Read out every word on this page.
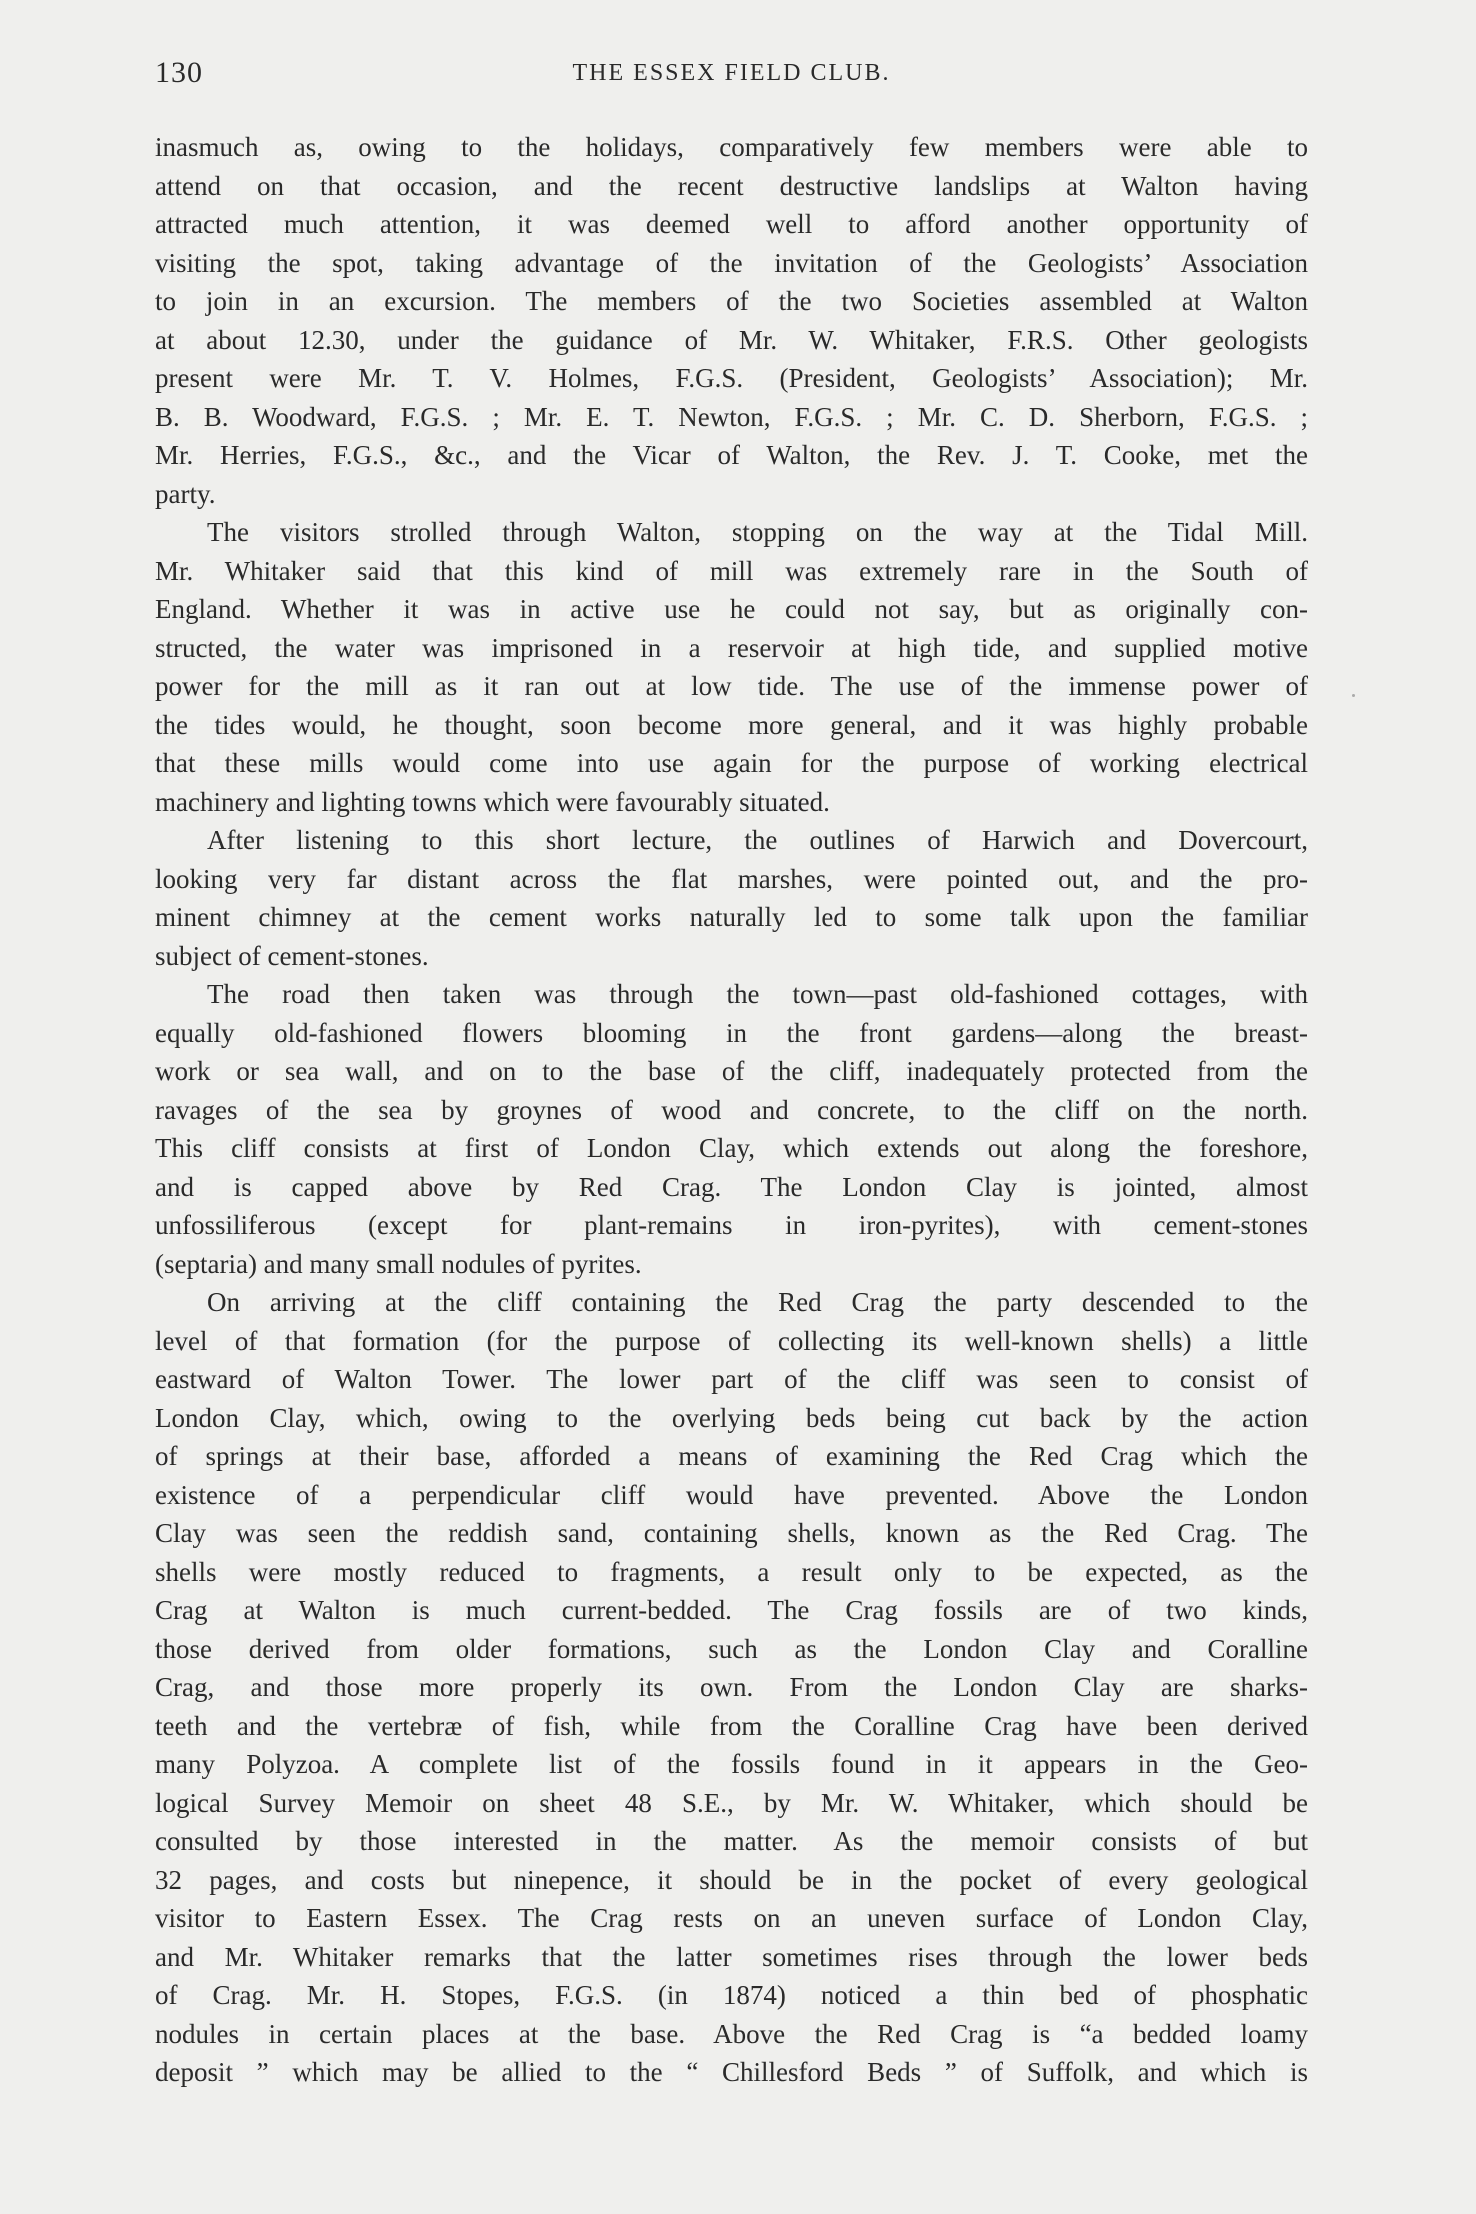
130	THE ESSEX FIELD CLUB.
inasmuch as, owing to the holidays, comparatively few members were able to
attend on that occasion, and the recent destructive landslips at Walton having
attracted much attention, it was deemed well to afford another opportunity of
visiting the spot, taking advantage of the invitation of the Geologists’ Association
to join in an excursion. The members of the two Societies assembled at Walton
at about 12.30, under the guidance of Mr. W. Whitaker, F.R.S. Other geologists
present were Mr. T. V. Holmes, F.G.S. (President, Geologists’ Association); Mr.
B. B. Woodward, F.G.S. ; Mr. E. T. Newton, F.G.S. ; Mr. C. D. Sherborn, F.G.S. ;
Mr. Herries, F.G.S., &c., and the Vicar of Walton, the Rev. J. T. Cooke, met the
party.
The visitors strolled through Walton, stopping on the way at the Tidal Mill.
Mr. Whitaker said that this kind of mill was extremely rare in the South of
England. Whether it was in active use he could not say, but as originally con-
structed, the water was imprisoned in a reservoir at high tide, and supplied motive
power for the mill as it ran out at low tide. The use of the immense power of
the tides would, he thought, soon become more general, and it was highly probable
that these mills would come into use again for the purpose of working electrical
machinery and lighting towns which were favourably situated.
After listening to this short lecture, the outlines of Harwich and Dovercourt,
looking very far distant across the flat marshes, were pointed out, and the pro-
minent chimney at the cement works naturally led to some talk upon the familiar
subject of cement-stones.
The road then taken was through the town—past old-fashioned cottages, with
equally old-fashioned flowers blooming in the front gardens—along the breast-
work or sea wall, and on to the base of the cliff, inadequately protected from the
ravages of the sea by groynes of wood and concrete, to the cliff on the north.
This cliff consists at first of London Clay, which extends out along the foreshore,
and is capped above by Red Crag. The London Clay is jointed, almost
unfossiliferous (except for plant-remains in iron-pyrites), with cement-stones
(septaria) and many small nodules of pyrites.
On arriving at the cliff containing the Red Crag the party descended to the
level of that formation (for the purpose of collecting its well-known shells) a little
eastward of Walton Tower. The lower part of the cliff was seen to consist of
London Clay, which, owing to the overlying beds being cut back by the action
of springs at their base, afforded a means of examining the Red Crag which the
existence of a perpendicular cliff would have prevented. Above the London
Clay was seen the reddish sand, containing shells, known as the Red Crag. The
shells were mostly reduced to fragments, a result only to be expected, as the
Crag at Walton is much current-bedded. The Crag fossils are of two kinds,
those derived from older formations, such as the London Clay and Coralline
Crag, and those more properly its own. From the London Clay are sharks-
teeth and the vertebræ of fish, while from the Coralline Crag have been derived
many Polyzoa. A complete list of the fossils found in it appears in the Geo-
logical Survey Memoir on sheet 48 S.E., by Mr. W. Whitaker, which should be
consulted by those interested in the matter. As the memoir consists of but
32 pages, and costs but ninepence, it should be in the pocket of every geological
visitor to Eastern Essex. The Crag rests on an uneven surface of London Clay,
and Mr. Whitaker remarks that the latter sometimes rises through the lower beds
of Crag. Mr. H. Stopes, F.G.S. (in 1874) noticed a thin bed of phosphatic
nodules in certain places at the base. Above the Red Crag is “a bedded loamy
deposit ” which may be allied to the “ Chillesford Beds ” of Suffolk, and which is
